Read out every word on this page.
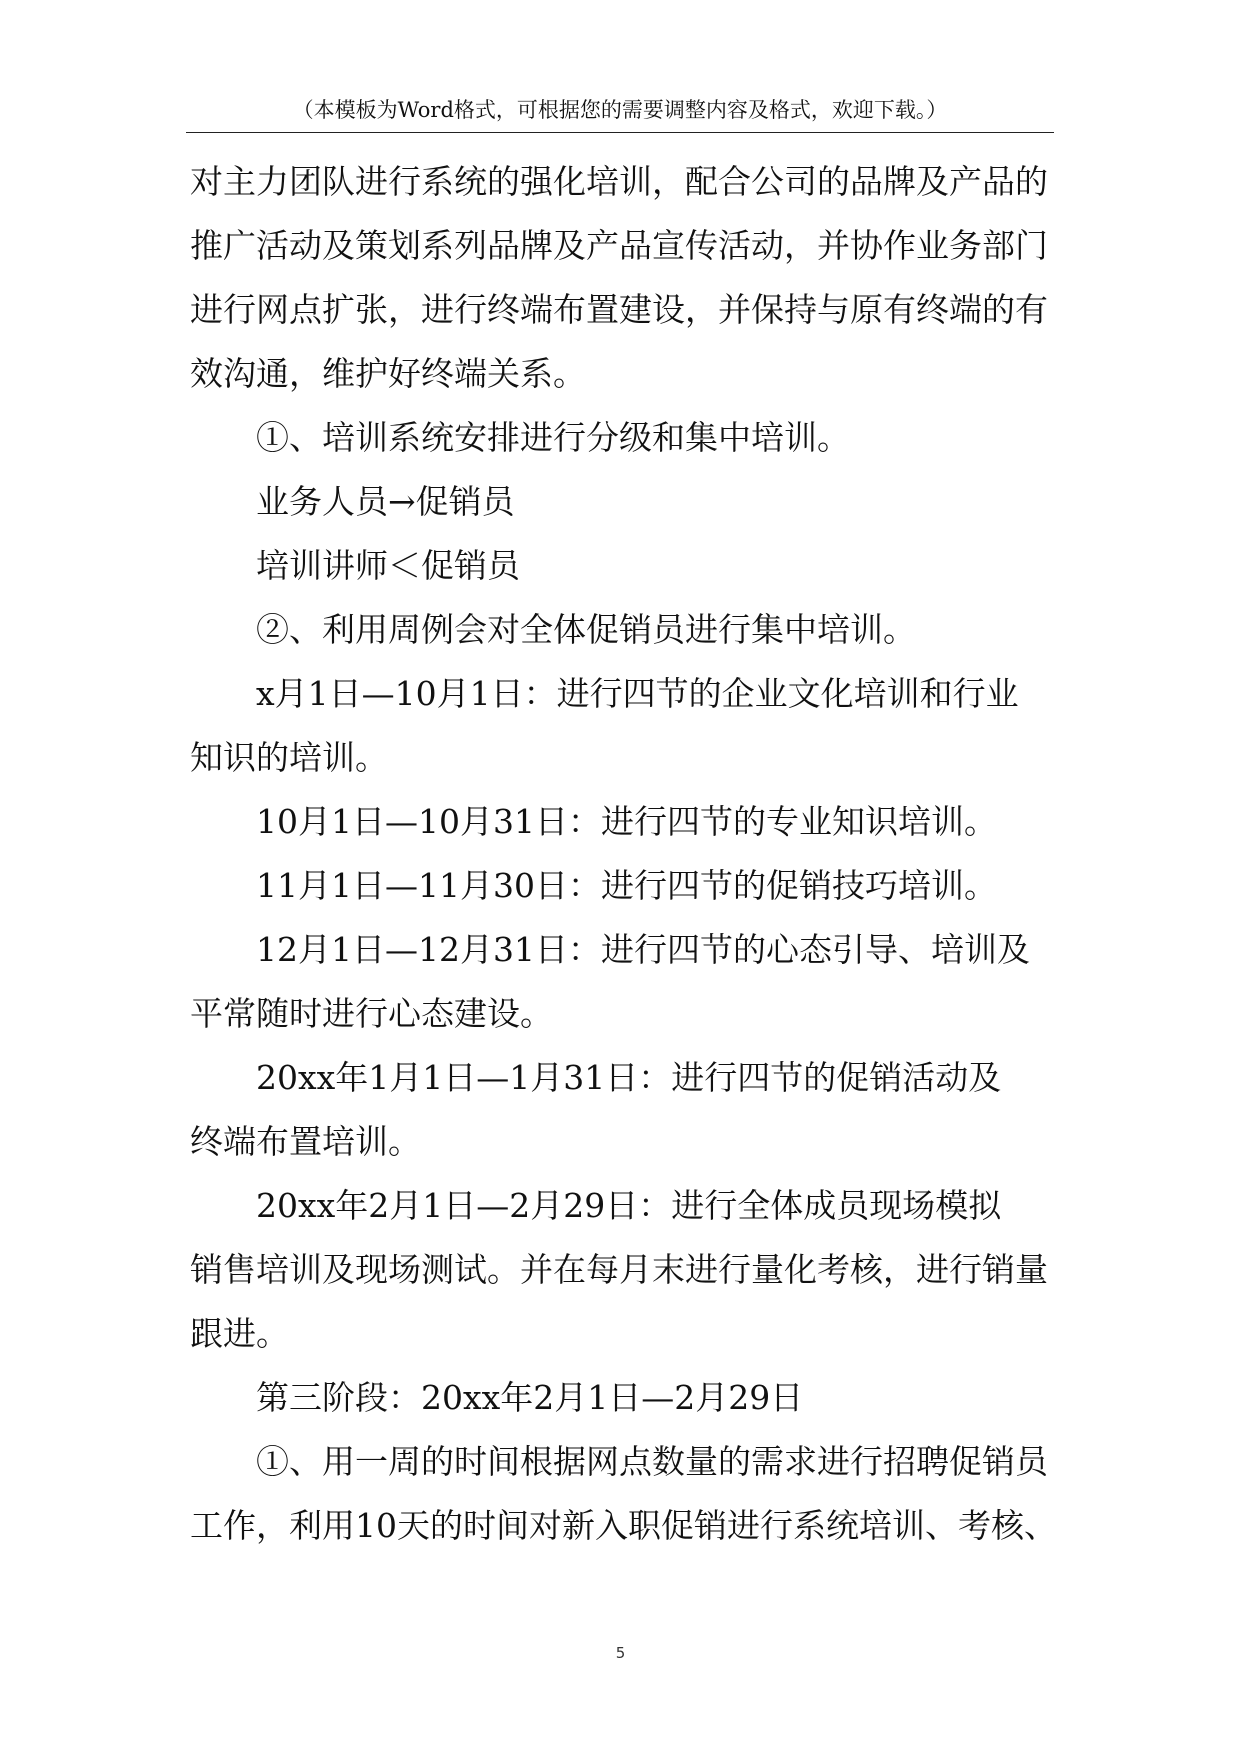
（本模板为Word格式，可根据您的需要调整内容及格式，欢迎下载。）
对主力团队进行系统的强化培训，配合公司的品牌及产品的
推广活动及策划系列品牌及产品宣传活动，并协作业务部门
进行网点扩张，进行终端布置建设，并保持与原有终端的有
效沟通，维护好终端关系。
①、培训系统安排进行分级和集中培训。
业务人员→促销员
培训讲师＜促销员
②、利用周例会对全体促销员进行集中培训。
x月1日—10月1日：进行四节的企业文化培训和行业
知识的培训。
10月1日—10月31日：进行四节的专业知识培训。
11月1日—11月30日：进行四节的促销技巧培训。
12月1日—12月31日：进行四节的心态引导、培训及
平常随时进行心态建设。
20xx年1月1日—1月31日：进行四节的促销活动及
终端布置培训。
20xx年2月1日—2月29日：进行全体成员现场模拟
销售培训及现场测试。并在每月末进行量化考核，进行销量
跟进。
第三阶段：20xx年2月1日—2月29日
①、用一周的时间根据网点数量的需求进行招聘促销员
工作，利用10天的时间对新入职促销进行系统培训、考核、
5
